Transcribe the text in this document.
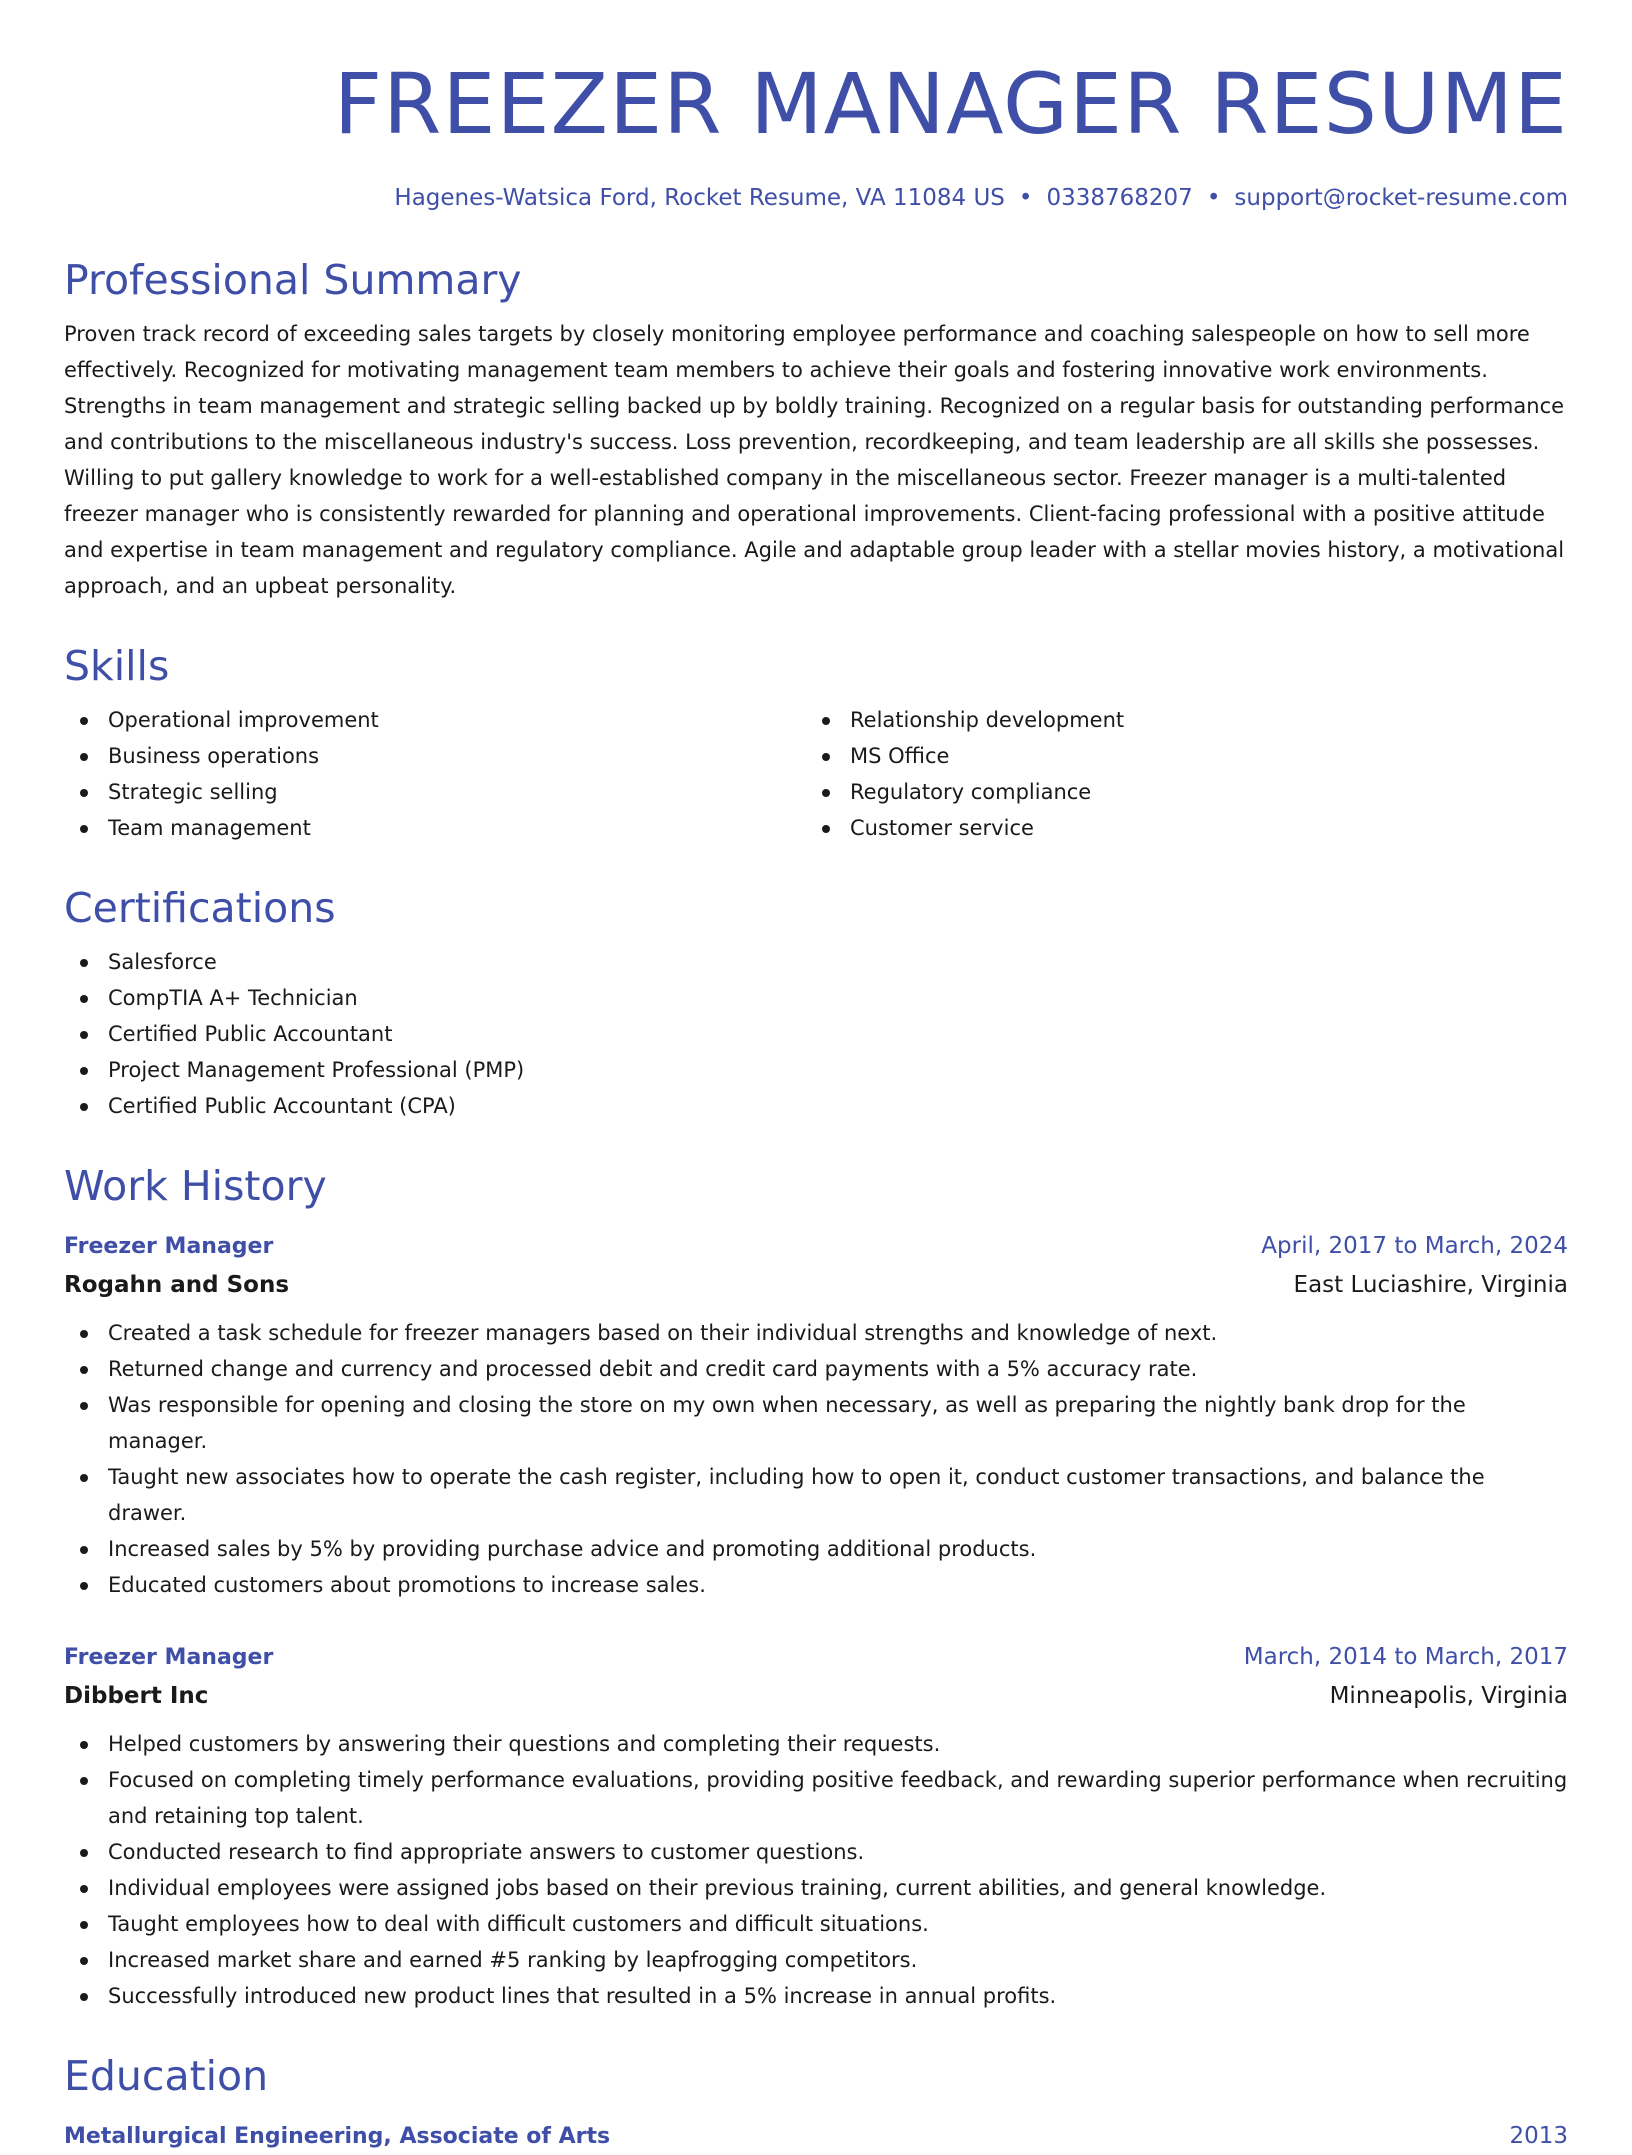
FREEZER MANAGER RESUME
Hagenes-Watsica Ford, Rocket Resume, VA 11084 US • 0338768207 • support@rocket-resume.com
Professional Summary

Proven track record of exceeding sales targets by closely monitoring employee performance and coaching salespeople on how to sell more effectively. Recognized for motivating management team members to achieve their goals and fostering innovative work environments. Strengths in team management and strategic selling backed up by boldly training. Recognized on a regular basis for outstanding performance and contributions to the miscellaneous industry's success. Loss prevention, recordkeeping, and team leadership are all skills she possesses. Willing to put gallery knowledge to work for a well-established company in the miscellaneous sector. Freezer manager is a multi-talented freezer manager who is consistently rewarded for planning and operational improvements. Client-facing professional with a positive attitude and expertise in team management and regulatory compliance. Agile and adaptable group leader with a stellar movies history, a motivational approach, and an upbeat personality.

Skills
Operational improvement
Business operations
Strategic selling
Team management
Relationship development
MS Office
Regulatory compliance
Customer service
Certifications
Salesforce
CompTIA A+ Technician
Certified Public Accountant
Project Management Professional (PMP)
Certified Public Accountant (CPA)
Work History
Freezer Manager	April, 2017 to March, 2024
Rogahn and Sons	East Luciashire, Virginia
Created a task schedule for freezer managers based on their individual strengths and knowledge of next.
Returned change and currency and processed debit and credit card payments with a 5% accuracy rate.
Was responsible for opening and closing the store on my own when necessary, as well as preparing the nightly bank drop for the manager.
Taught new associates how to operate the cash register, including how to open it, conduct customer transactions, and balance the drawer.
Increased sales by 5% by providing purchase advice and promoting additional products.
Educated customers about promotions to increase sales.
Freezer Manager	March, 2014 to March, 2017
Dibbert Inc	Minneapolis, Virginia
Helped customers by answering their questions and completing their requests.
Focused on completing timely performance evaluations, providing positive feedback, and rewarding superior performance when recruiting and retaining top talent.
Conducted research to find appropriate answers to customer questions.
Individual employees were assigned jobs based on their previous training, current abilities, and general knowledge.
Taught employees how to deal with difficult customers and difficult situations.
Increased market share and earned #5 ranking by leapfrogging competitors.
Successfully introduced new product lines that resulted in a 5% increase in annual profits.
Education
Metallurgical Engineering, Associate of Arts	2013
